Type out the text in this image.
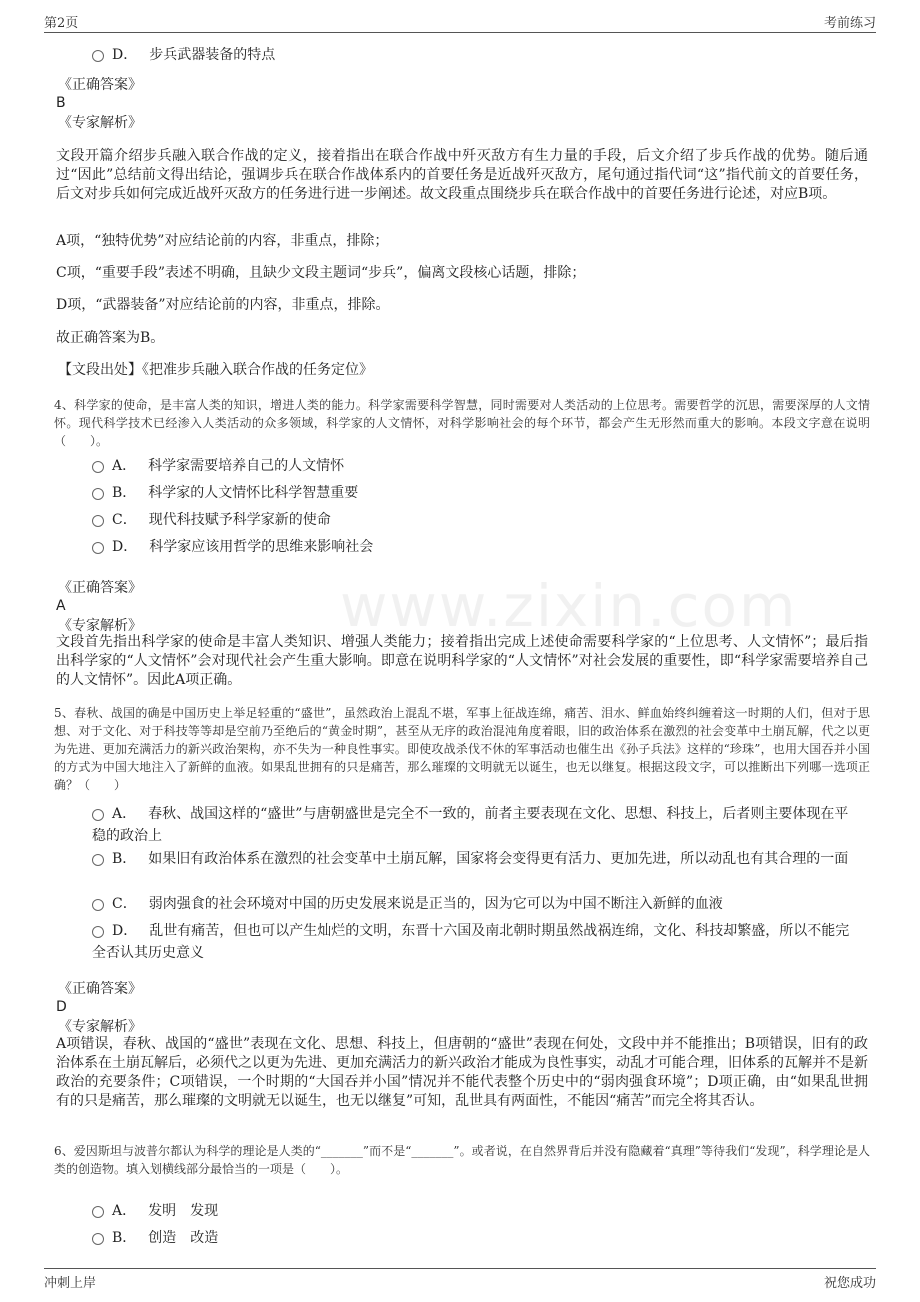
第2页	考前练习
www.zixin.com
D． 步兵武器装备的特点
《正确答案》
B
《专家解析》
文段开篇介绍步兵融入联合作战的定义，接着指出在联合作战中歼灭敌方有生力量的手段，后文介绍了步兵作战的优势。随后通过“因此”总结前文得出结论，强调步兵在联合作战体系内的首要任务是近战歼灭敌方，尾句通过指代词“这”指代前文的首要任务，后文对步兵如何完成近战歼灭敌方的任务进行进一步阐述。故文段重点围绕步兵在联合作战中的首要任务进行论述，对应B项。
A项，“独特优势”对应结论前的内容，非重点，排除；
C项，“重要手段”表述不明确，且缺少文段主题词“步兵”，偏离文段核心话题，排除；
D项，“武器装备”对应结论前的内容，非重点，排除。
故正确答案为B。
【文段出处】《把准步兵融入联合作战的任务定位》
4、科学家的使命，是丰富人类的知识，增进人类的能力。科学家需要科学智慧，同时需要对人类活动的上位思考。需要哲学的沉思，需要深厚的人文情怀。现代科学技术已经渗入人类活动的众多领域，科学家的人文情怀，对科学影响社会的每个环节，都会产生无形然而重大的影响。本段文字意在说明（　　）。
A． 科学家需要培养自己的人文情怀
B． 科学家的人文情怀比科学智慧重要
C． 现代科技赋予科学家新的使命
D． 科学家应该用哲学的思维来影响社会
《正确答案》
A
《专家解析》
文段首先指出科学家的使命是丰富人类知识、增强人类能力；接着指出完成上述使命需要科学家的“上位思考、人文情怀”；最后指出科学家的“人文情怀”会对现代社会产生重大影响。即意在说明科学家的“人文情怀”对社会发展的重要性，即“科学家需要培养自己的人文情怀”。因此A项正确。
5、春秋、战国的确是中国历史上举足轻重的“盛世”，虽然政治上混乱不堪，军事上征战连绵，痛苦、泪水、鲜血始终纠缠着这一时期的人们，但对于思想、对于文化、对于科技等等却是空前乃至绝后的“黄金时期”，甚至从无序的政治混沌角度着眼，旧的政治体系在激烈的社会变革中土崩瓦解，代之以更为先进、更加充满活力的新兴政治架构，亦不失为一种良性事实。即使攻战杀伐不休的军事活动也催生出《孙子兵法》这样的“珍珠”，也用大国吞并小国的方式为中国大地注入了新鲜的血液。如果乱世拥有的只是痛苦，那么璀璨的文明就无以诞生，也无以继复。根据这段文字，可以推断出下列哪一选项正确？（　　）
A． 春秋、战国这样的“盛世”与唐朝盛世是完全不一致的，前者主要表现在文化、思想、科技上，后者则主要体现在平稳的政治上
B． 如果旧有政治体系在激烈的社会变革中土崩瓦解，国家将会变得更有活力、更加先进，所以动乱也有其合理的一面
C． 弱肉强食的社会环境对中国的历史发展来说是正当的，因为它可以为中国不断注入新鲜的血液
D． 乱世有痛苦，但也可以产生灿烂的文明，东晋十六国及南北朝时期虽然战祸连绵，文化、科技却繁盛，所以不能完全否认其历史意义
《正确答案》
D
《专家解析》
A项错误，春秋、战国的“盛世”表现在文化、思想、科技上，但唐朝的“盛世”表现在何处，文段中并不能推出；B项错误，旧有的政治体系在土崩瓦解后，必须代之以更为先进、更加充满活力的新兴政治才能成为良性事实，动乱才可能合理，旧体系的瓦解并不是新政治的充要条件；C项错误，一个时期的“大国吞并小国”情况并不能代表整个历史中的“弱肉强食环境”；D项正确，由“如果乱世拥有的只是痛苦，那么璀璨的文明就无以诞生，也无以继复”可知，乱世具有两面性，不能因“痛苦”而完全将其否认。
6、爱因斯坦与波普尔都认为科学的理论是人类的“_______”而不是“_______”。或者说，在自然界背后并没有隐藏着“真理”等待我们“发现”，科学理论是人类的创造物。填入划横线部分最恰当的一项是（　　）。
A． 发明　发现
B． 创造　改造
冲刺上岸	祝您成功
